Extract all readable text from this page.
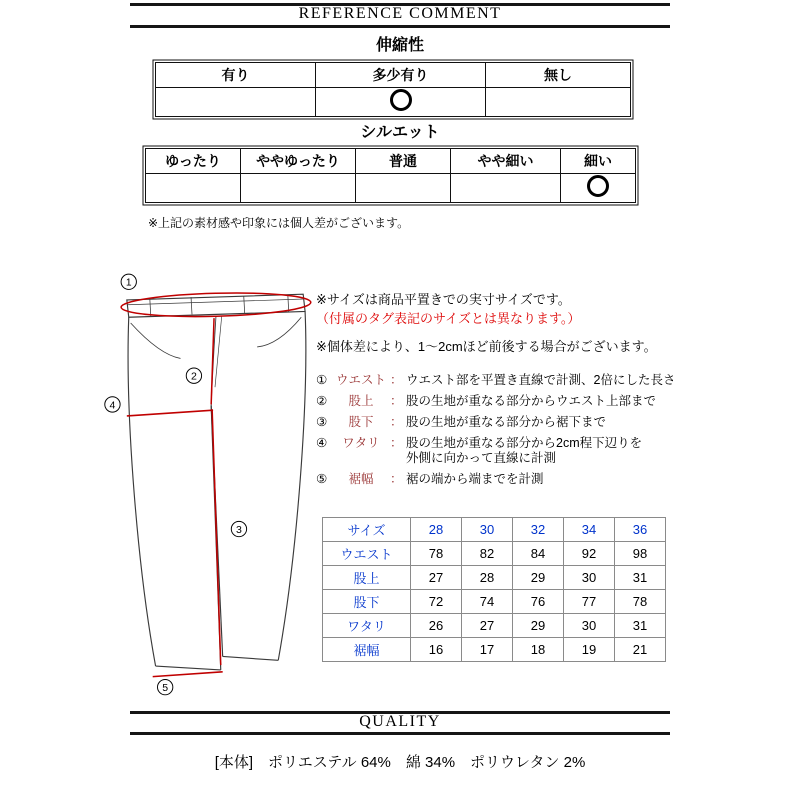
REFERENCE COMMENT
伸縮性
有り	多少有り	無し

シルエット
ゆったり	ややゆったり	普通	やや細い	細い

※上記の素材感や印象には個人差がございます。
1
2
3
4
5
※サイズは商品平置きでの実寸サイズです。
（付属のタグ表記のサイズとは異なります。）
※個体差により、1～2cmほど前後する場合がございます。
① ウエスト ： ウエスト部を平置き直線で計測、2倍にした長さ
②	股上	： 股の生地が重なる部分からウエスト上部まで
③	股下	： 股の生地が重なる部分から裾下まで
④	ワタリ ： 股の生地が重なる部分から2cm程下辺りを
外側に向かって直線に計測
⑤	裾幅	： 裾の端から端までを計測
サイズ	28	30	32	34	36
ウエスト	78	82	84	92	98
股上	27	28	29	30	31
股下	72	74	76	77	78
ワタリ	26	27	29	30	31
裾幅	16	17	18	19	21
QUALITY
[本体]　ポリエステル 64%　綿 34%　ポリウレタン 2%
